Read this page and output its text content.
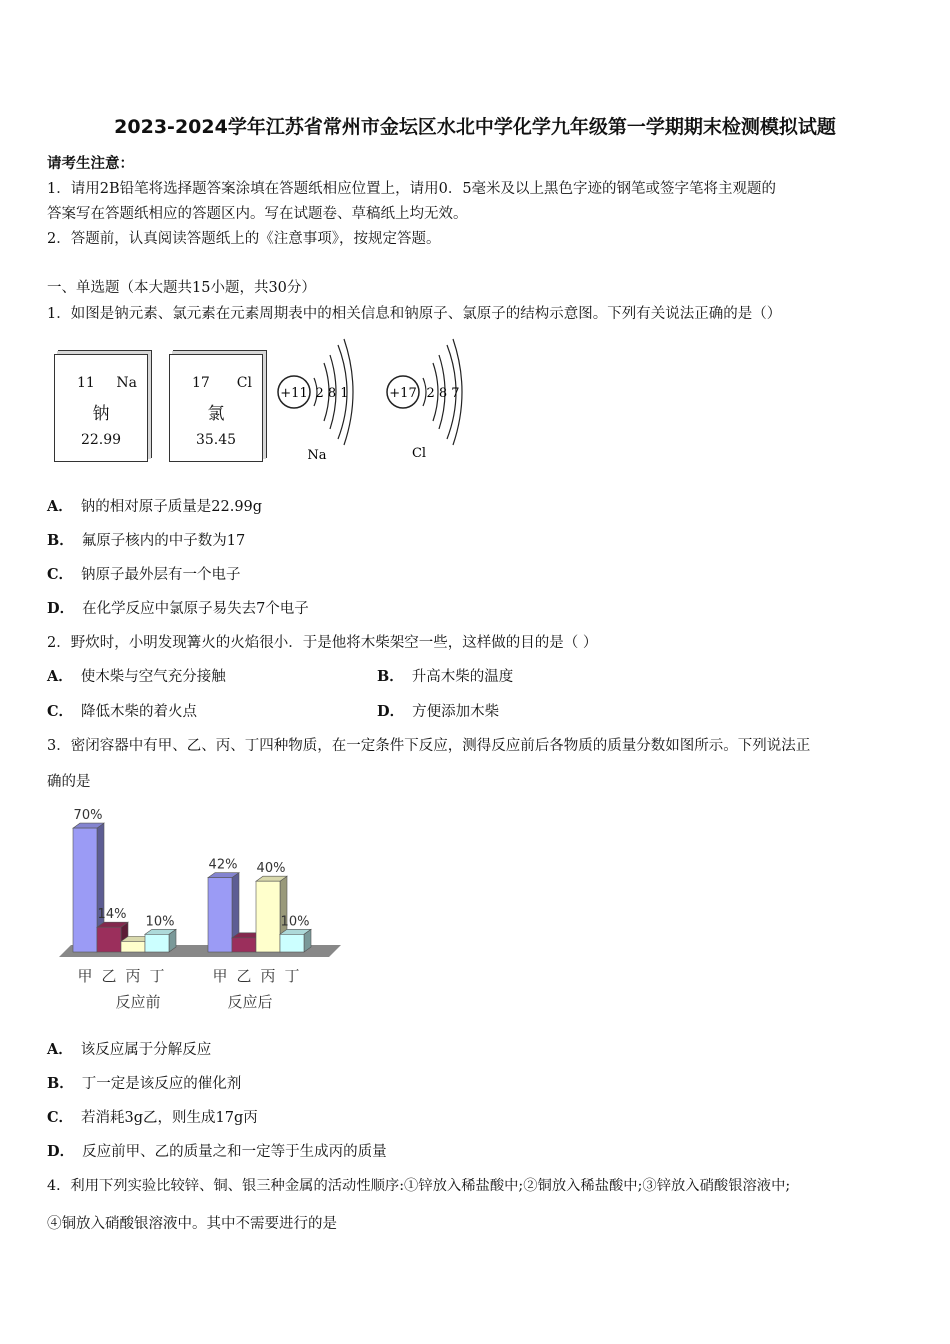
2023-2024学年江苏省常州市金坛区水北中学化学九年级第一学期期末检测模拟试题
请考生注意：
1．请用2B铅笔将选择题答案涂填在答题纸相应位置上，请用0．5毫米及以上黑色字迹的钢笔或签字笔将主观题的
答案写在答题纸相应的答题区内。写在试题卷、草稿纸上均无效。
2．答题前，认真阅读答题纸上的《注意事项》，按规定答题。
一、单选题（本大题共15小题，共30分）
1．如图是钠元素、氯元素在元素周期表中的相关信息和钠原子、氯原子的结构示意图。下列有关说法正确的是（）
11 Na
钠
22.99
17 Cl
氯
35.45
+11 2 8 1
Na
+17 2 8 7
Cl
A． 钠的相对原子质量是22.99g
B． 氟原子核内的中子数为17
C． 钠原子最外层有一个电子
D． 在化学反应中氯原子易失去7个电子
2．野炊时，小明发现篝火的火焰很小．于是他将木柴架空一些，这样做的目的是（ ）
A． 使木柴与空气充分接触	B． 升高木柴的温度
C． 降低木柴的着火点	D． 方便添加木柴
3．密闭容器中有甲、乙、丙、丁四种物质，在一定条件下反应，测得反应前后各物质的质量分数如图所示。下列说法正
确的是
70%
14% 10%
42% 40%
10%
甲 乙 丙 丁	甲 乙 丙 丁
反应前	反应后
A． 该反应属于分解反应
B． 丁一定是该反应的催化剂
C． 若消耗3g乙，则生成17g丙
D． 反应前甲、乙的质量之和一定等于生成丙的质量
4．利用下列实验比较锌、铜、银三种金属的活动性顺序:①锌放入稀盐酸中;②铜放入稀盐酸中;③锌放入硝酸银溶液中;
④铜放入硝酸银溶液中。其中不需要进行的是
